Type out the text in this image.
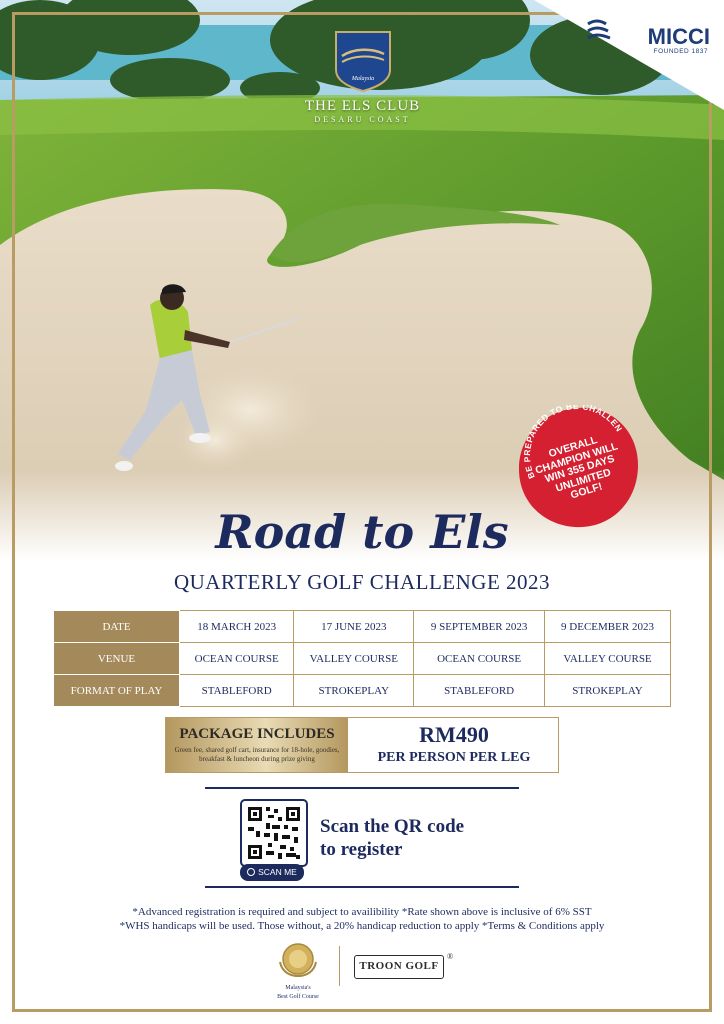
Malaysia
THE ELS CLUB
DESARU COAST
MICCI
FOUNDED 1837
BE PREPARED TO BE CHALLEN
OVERALL CHAMPION WILL WIN 355 DAYS UNLIMITED GOLF!
Road to Els
QUARTERLY GOLF CHALLENGE 2023
DATE	18 MARCH 2023	17 JUNE 2023	9 SEPTEMBER 2023	9 DECEMBER 2023
VENUE	OCEAN COURSE	VALLEY COURSE	OCEAN COURSE	VALLEY COURSE
FORMAT OF PLAY	STABLEFORD	STROKEPLAY	STABLEFORD	STROKEPLAY
PACKAGE INCLUDES
Green fee, shared golf cart, insurance for 18-hole, goodies, breakfast & luncheon during prize giving
RM490
PER PERSON PER LEG
SCAN ME
Scan the QR code
to register
*Advanced registration is required and subject to availibility *Rate shown above is inclusive of 6% SST
*WHS handicaps will be used. Those without, a 20% handicap reduction to apply *Terms & Conditions apply
Malaysia's
Best Golf Course
TROON GOLF
®
